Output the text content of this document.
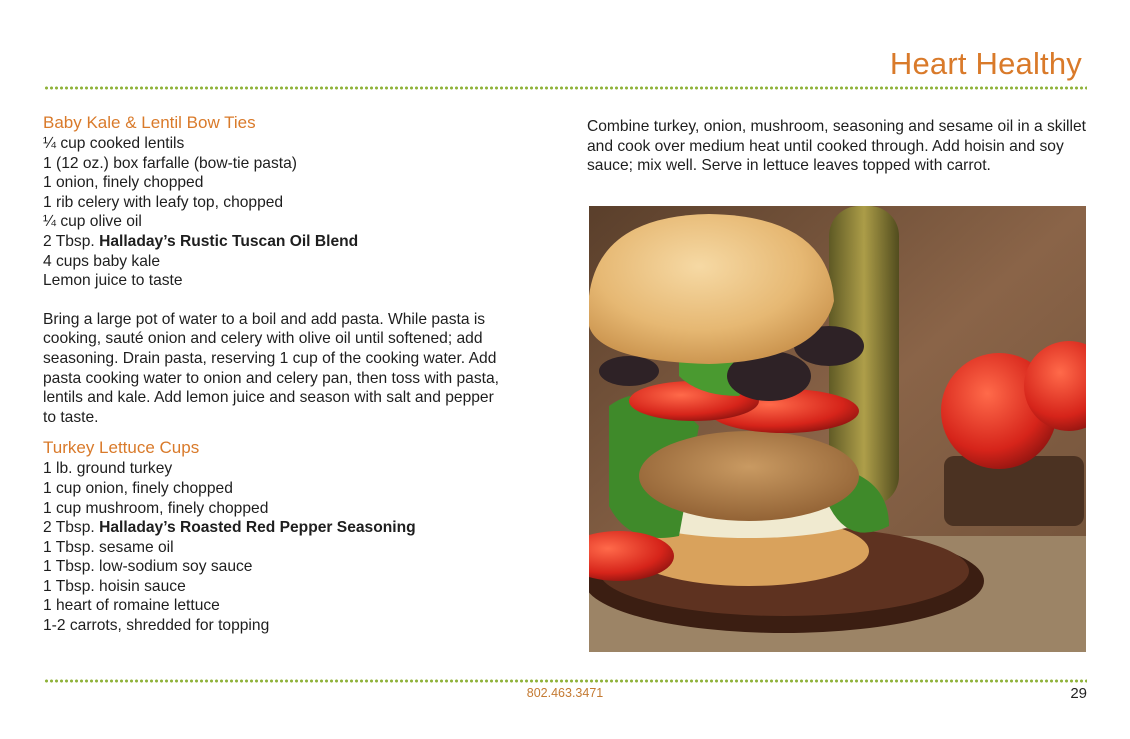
Heart Healthy
Baby Kale & Lentil Bow Ties

¼ cup cooked lentils

1 (12 oz.) box farfalle (bow-tie pasta)

1 onion, finely chopped

1 rib celery with leafy top, chopped

¼ cup olive oil

2 Tbsp. Halladay’s Rustic Tuscan Oil Blend

4 cups baby kale

Lemon juice to taste

Bring a large pot of water to a boil and add pasta. While pasta is cooking, sauté onion and celery with olive oil until softened; add seasoning. Drain pasta, reserving 1 cup of the cooking water. Add pasta cooking water to onion and celery pan, then toss with pasta, lentils and kale. Add lemon juice and season with salt and pepper to taste.

Turkey Lettuce Cups

1 lb. ground turkey

1 cup onion, finely chopped

1 cup mushroom, finely chopped

2 Tbsp. Halladay’s Roasted Red Pepper Seasoning

1 Tbsp. sesame oil

1 Tbsp. low-sodium soy sauce

1 Tbsp. hoisin sauce

1 heart of romaine lettuce

1-2 carrots, shredded for topping

Combine turkey, onion, mushroom, seasoning and sesame oil in a skillet and cook over medium heat until cooked through. Add hoisin and soy sauce; mix well. Serve in lettuce leaves topped with carrot.

802.463.3471	29
